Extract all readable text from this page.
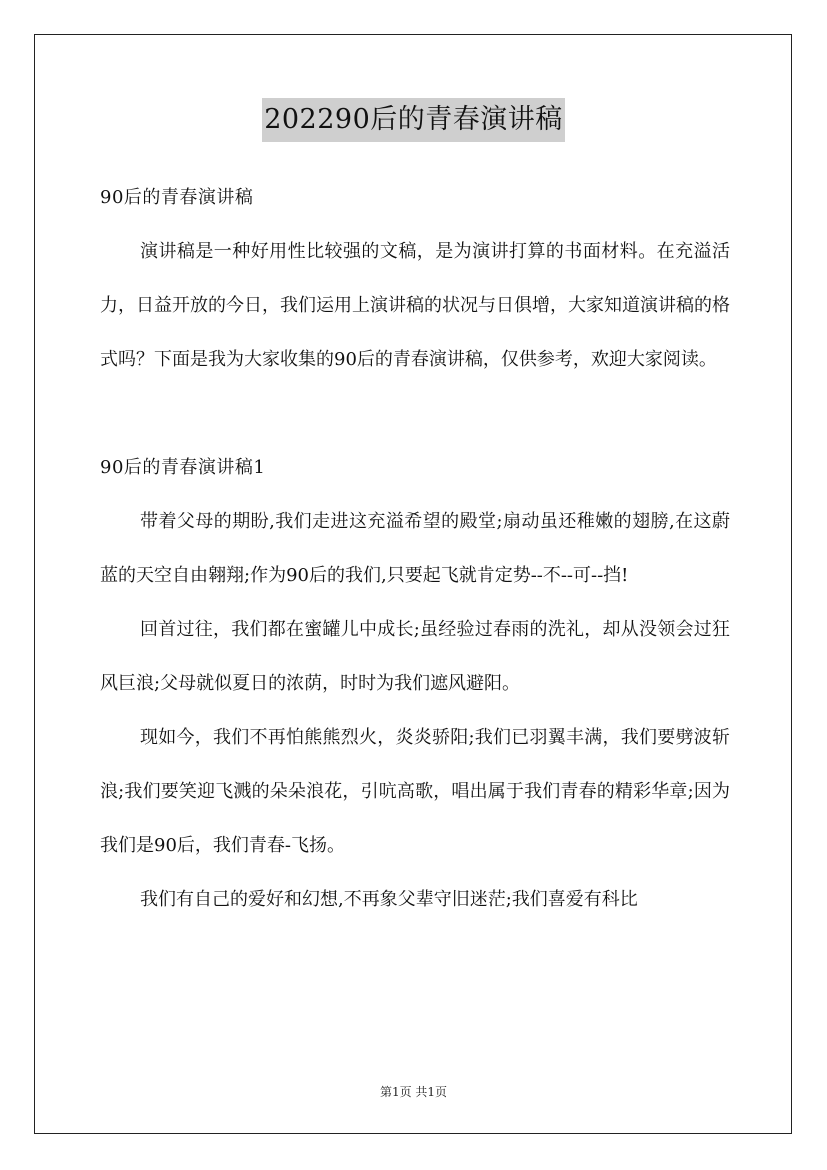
202290后的青春演讲稿

90后的青春演讲稿

演讲稿是一种好用性比较强的文稿，是为演讲打算的书面材料。在充溢活力，日益开放的今日，我们运用上演讲稿的状况与日俱增，大家知道演讲稿的格式吗？下面是我为大家收集的90后的青春演讲稿，仅供参考，欢迎大家阅读。

90后的青春演讲稿1

带着父母的期盼,我们走进这充溢希望的殿堂;扇动虽还稚嫩的翅膀,在这蔚蓝的天空自由翱翔;作为90后的我们,只要起飞就肯定势--不--可--挡!

回首过往，我们都在蜜罐儿中成长;虽经验过春雨的洗礼，却从没领会过狂风巨浪;父母就似夏日的浓荫，时时为我们遮风避阳。

现如今，我们不再怕熊熊烈火，炎炎骄阳;我们已羽翼丰满，我们要劈波斩浪;我们要笑迎飞溅的朵朵浪花，引吭高歌，唱出属于我们青春的精彩华章;因为我们是90后，我们青春-飞扬。

我们有自己的爱好和幻想,不再象父辈守旧迷茫;我们喜爱有科比

第1页 共1页
